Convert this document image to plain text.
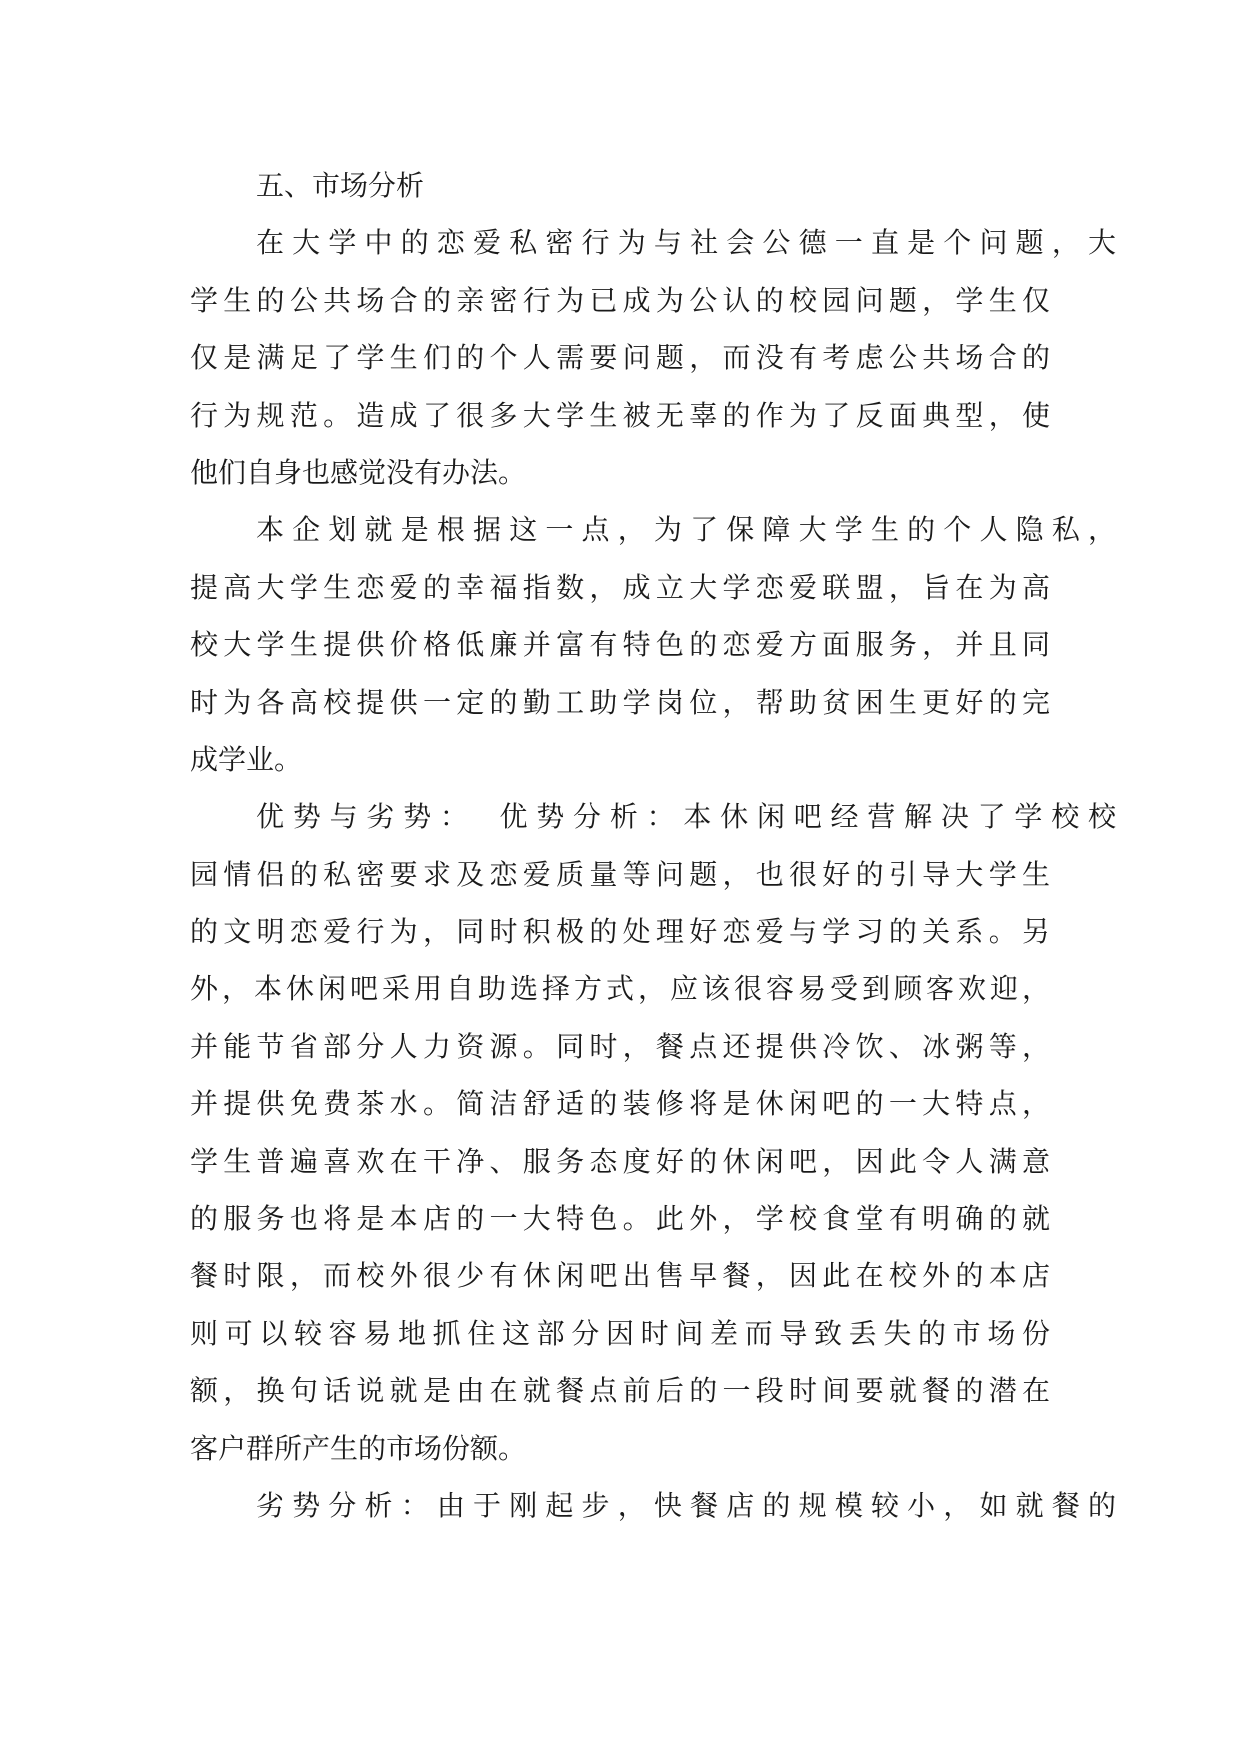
五、市场分析
在大学中的恋爱私密行为与社会公德一直是个问题，大
学生的公共场合的亲密行为已成为公认的校园问题，学生仅
仅是满足了学生们的个人需要问题，而没有考虑公共场合的
行为规范。造成了很多大学生被无辜的作为了反面典型，使
他们自身也感觉没有办法。
本企划就是根据这一点，为了保障大学生的个人隐私，
提高大学生恋爱的幸福指数，成立大学恋爱联盟，旨在为高
校大学生提供价格低廉并富有特色的恋爱方面服务，并且同
时为各高校提供一定的勤工助学岗位，帮助贫困生更好的完
成学业。
优势与劣势：　优势分析：本休闲吧经营解决了学校校
园情侣的私密要求及恋爱质量等问题，也很好的引导大学生
的文明恋爱行为，同时积极的处理好恋爱与学习的关系。另
外，本休闲吧采用自助选择方式，应该很容易受到顾客欢迎，
并能节省部分人力资源。同时，餐点还提供冷饮、冰粥等，
并提供免费茶水。简洁舒适的装修将是休闲吧的一大特点，
学生普遍喜欢在干净、服务态度好的休闲吧，因此令人满意
的服务也将是本店的一大特色。此外，学校食堂有明确的就
餐时限，而校外很少有休闲吧出售早餐，因此在校外的本店
则可以较容易地抓住这部分因时间差而导致丢失的市场份
额，换句话说就是由在就餐点前后的一段时间要就餐的潜在
客户群所产生的市场份额。
劣势分析：由于刚起步，快餐店的规模较小，如就餐的
